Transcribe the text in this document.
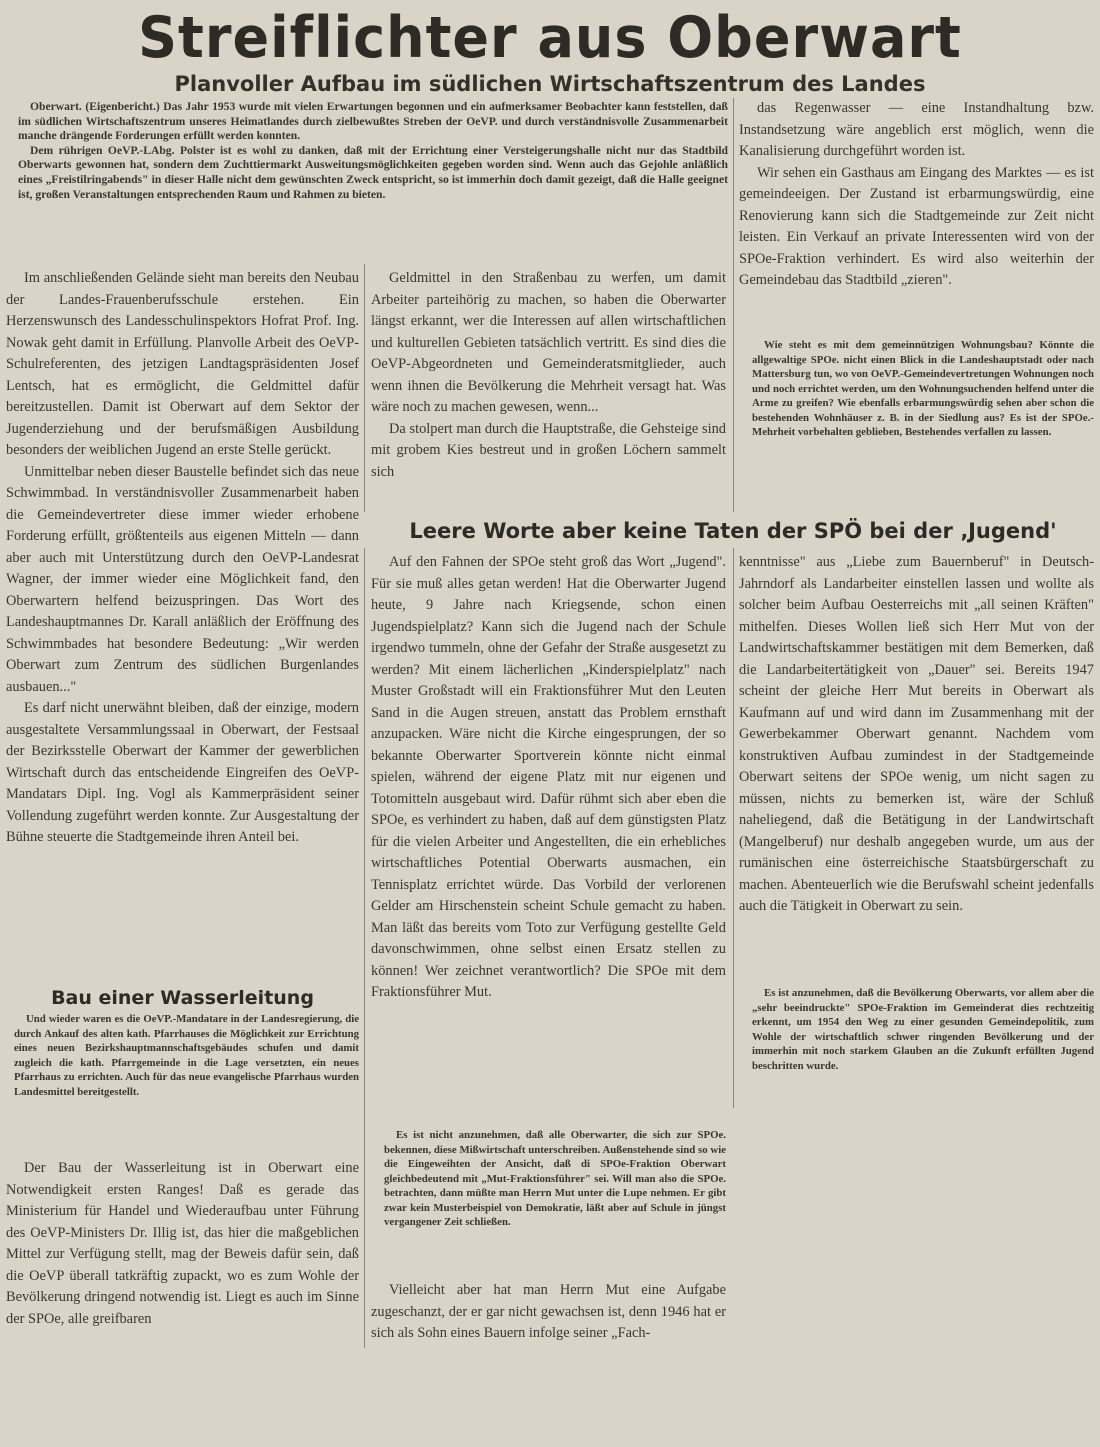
Streiflichter aus Oberwart
Planvoller Aufbau im südlichen Wirtschaftszentrum des Landes

Oberwart. (Eigenbericht.) Das Jahr 1953 wurde mit vielen Erwartungen begonnen und ein aufmerksamer Beobachter kann feststellen, daß im südlichen Wirtschaftszentrum unseres Heimatlandes durch zielbewußtes Streben der OeVP. und durch verständnisvolle Zusammenarbeit manche drängende Forderungen erfüllt werden konnten.

Dem rührigen OeVP.-LAbg. Polster ist es wohl zu danken, daß mit der Errichtung einer Versteigerungshalle nicht nur das Stadtbild Oberwarts gewonnen hat, sondern dem Zuchttiermarkt Ausweitungsmöglichkeiten gegeben worden sind. Wenn auch das Gejohle anläßlich eines „Freistilringabends" in dieser Halle nicht dem gewünschten Zweck entspricht, so ist immerhin doch damit gezeigt, daß die Halle geeignet ist, großen Veranstaltungen entsprechenden Raum und Rahmen zu bieten.

Im anschließenden Gelände sieht man bereits den Neubau der Landes-Frauenberufsschule erstehen. Ein Herzenswunsch des Landesschulinspektors Hofrat Prof. Ing. Nowak geht damit in Erfüllung. Planvolle Arbeit des OeVP-Schulreferenten, des jetzigen Landtagspräsidenten Josef Lentsch, hat es ermöglicht, die Geldmittel dafür bereitzustellen. Damit ist Oberwart auf dem Sektor der Jugenderziehung und der berufsmäßigen Ausbildung besonders der weiblichen Jugend an erste Stelle gerückt.

Unmittelbar neben dieser Baustelle befindet sich das neue Schwimmbad. In verständnisvoller Zusammenarbeit haben die Gemeindevertreter diese immer wieder erhobene Forderung erfüllt, größtenteils aus eigenen Mitteln — dann aber auch mit Unterstützung durch den OeVP-Landesrat Wagner, der immer wieder eine Möglichkeit fand, den Oberwartern helfend beizuspringen. Das Wort des Landeshauptmannes Dr. Karall anläßlich der Eröffnung des Schwimmbades hat besondere Bedeutung: „Wir werden Oberwart zum Zentrum des südlichen Burgenlandes ausbauen..."

Es darf nicht unerwähnt bleiben, daß der einzige, modern ausgestaltete Versammlungssaal in Oberwart, der Festsaal der Bezirksstelle Oberwart der Kammer der gewerblichen Wirtschaft durch das entscheidende Eingreifen des OeVP-Mandatars Dipl. Ing. Vogl als Kammerpräsident seiner Vollendung zugeführt werden konnte. Zur Ausgestaltung der Bühne steuerte die Stadtgemeinde ihren Anteil bei.

Bau einer Wasserleitung

Und wieder waren es die OeVP.-Mandatare in der Landesregierung, die durch Ankauf des alten kath. Pfarrhauses die Möglichkeit zur Errichtung eines neuen Bezirkshauptmannschaftsgebäudes schufen und damit zugleich die kath. Pfarrgemeinde in die Lage versetzten, ein neues Pfarrhaus zu errichten. Auch für das neue evangelische Pfarrhaus wurden Landesmittel bereitgestellt.

Der Bau der Wasserleitung ist in Oberwart eine Notwendigkeit ersten Ranges! Daß es gerade das Ministerium für Handel und Wiederaufbau unter Führung des OeVP-Ministers Dr. Illig ist, das hier die maßgeblichen Mittel zur Verfügung stellt, mag der Beweis dafür sein, daß die OeVP überall tatkräftig zupackt, wo es zum Wohle der Bevölkerung dringend notwendig ist. Liegt es auch im Sinne der SPOe, alle greifbaren

Geldmittel in den Straßenbau zu werfen, um damit Arbeiter parteihörig zu machen, so haben die Oberwarter längst erkannt, wer die Interessen auf allen wirtschaftlichen und kulturellen Gebieten tatsächlich vertritt. Es sind dies die OeVP-Abgeordneten und Gemeinderatsmitglieder, auch wenn ihnen die Bevölkerung die Mehrheit versagt hat. Was wäre noch zu machen gewesen, wenn...

Da stolpert man durch die Hauptstraße, die Gehsteige sind mit grobem Kies bestreut und in großen Löchern sammelt sich

das Regenwasser — eine Instandhaltung bzw. Instandsetzung wäre angeblich erst möglich, wenn die Kanalisierung durchgeführt worden ist.

Wir sehen ein Gasthaus am Eingang des Marktes — es ist gemeindeeigen. Der Zustand ist erbarmungswürdig, eine Renovierung kann sich die Stadtgemeinde zur Zeit nicht leisten. Ein Verkauf an private Interessenten wird von der SPOe-Fraktion verhindert. Es wird also weiterhin der Gemeindebau das Stadtbild „zieren".

Wie steht es mit dem gemeinnützigen Wohnungsbau? Könnte die allgewaltige SPOe. nicht einen Blick in die Landeshauptstadt oder nach Mattersburg tun, wo von OeVP.-Gemeindevertretungen Wohnungen noch und noch errichtet werden, um den Wohnungsuchenden helfend unter die Arme zu greifen? Wie ebenfalls erbarmungswürdig sehen aber schon die bestehenden Wohnhäuser z. B. in der Siedlung aus? Es ist der SPOe.-Mehrheit vorbehalten geblieben, Bestehendes verfallen zu lassen.

Leere Worte aber keine Taten der SPÖ bei der ‚Jugend'

Auf den Fahnen der SPOe steht groß das Wort „Jugend". Für sie muß alles getan werden! Hat die Oberwarter Jugend heute, 9 Jahre nach Kriegsende, schon einen Jugendspielplatz? Kann sich die Jugend nach der Schule irgendwo tummeln, ohne der Gefahr der Straße ausgesetzt zu werden? Mit einem lächerlichen „Kinderspielplatz" nach Muster Großstadt will ein Fraktionsführer Mut den Leuten Sand in die Augen streuen, anstatt das Problem ernsthaft anzupacken. Wäre nicht die Kirche eingesprungen, der so bekannte Oberwarter Sportverein könnte nicht einmal spielen, während der eigene Platz mit nur eigenen und Totomitteln ausgebaut wird. Dafür rühmt sich aber eben die SPOe, es verhindert zu haben, daß auf dem günstigsten Platz für die vielen Arbeiter und Angestellten, die ein erhebliches wirtschaftliches Potential Oberwarts ausmachen, ein Tennisplatz errichtet würde. Das Vorbild der verlorenen Gelder am Hirschenstein scheint Schule gemacht zu haben. Man läßt das bereits vom Toto zur Verfügung gestellte Geld davonschwimmen, ohne selbst einen Ersatz stellen zu können! Wer zeichnet verantwortlich? Die SPOe mit dem Fraktionsführer Mut.

Es ist nicht anzunehmen, daß alle Oberwarter, die sich zur SPOe. bekennen, diese Mißwirtschaft unterschreiben. Außenstehende sind so wie die Eingeweihten der Ansicht, daß di SPOe-Fraktion Oberwart gleichbedeutend mit „Mut-Fraktionsführer" sei. Will man also die SPOe. betrachten, dann müßte man Herrn Mut unter die Lupe nehmen. Er gibt zwar kein Musterbeispiel von Demokratie, läßt aber auf Schule in jüngst vergangener Zeit schließen.

Vielleicht aber hat man Herrn Mut eine Aufgabe zugeschanzt, der er gar nicht gewachsen ist, denn 1946 hat er sich als Sohn eines Bauern infolge seiner „Fach-

kenntnisse" aus „Liebe zum Bauernberuf" in Deutsch-Jahrndorf als Landarbeiter einstellen lassen und wollte als solcher beim Aufbau Oesterreichs mit „all seinen Kräften" mithelfen. Dieses Wollen ließ sich Herr Mut von der Landwirtschaftskammer bestätigen mit dem Bemerken, daß die Landarbeitertätigkeit von „Dauer" sei. Bereits 1947 scheint der gleiche Herr Mut bereits in Oberwart als Kaufmann auf und wird dann im Zusammenhang mit der Gewerbekammer Oberwart genannt. Nachdem vom konstruktiven Aufbau zumindest in der Stadtgemeinde Oberwart seitens der SPOe wenig, um nicht sagen zu müssen, nichts zu bemerken ist, wäre der Schluß naheliegend, daß die Betätigung in der Landwirtschaft (Mangelberuf) nur deshalb angegeben wurde, um aus der rumänischen eine österreichische Staatsbürgerschaft zu machen. Abenteuerlich wie die Berufswahl scheint jedenfalls auch die Tätigkeit in Oberwart zu sein.

Es ist anzunehmen, daß die Bevölkerung Oberwarts, vor allem aber die „sehr beeindruckte" SPOe-Fraktion im Gemeinderat dies rechtzeitig erkennt, um 1954 den Weg zu einer gesunden Gemeindepolitik, zum Wohle der wirtschaftlich schwer ringenden Bevölkerung und der immerhin mit noch starkem Glauben an die Zukunft erfüllten Jugend beschritten wurde.
